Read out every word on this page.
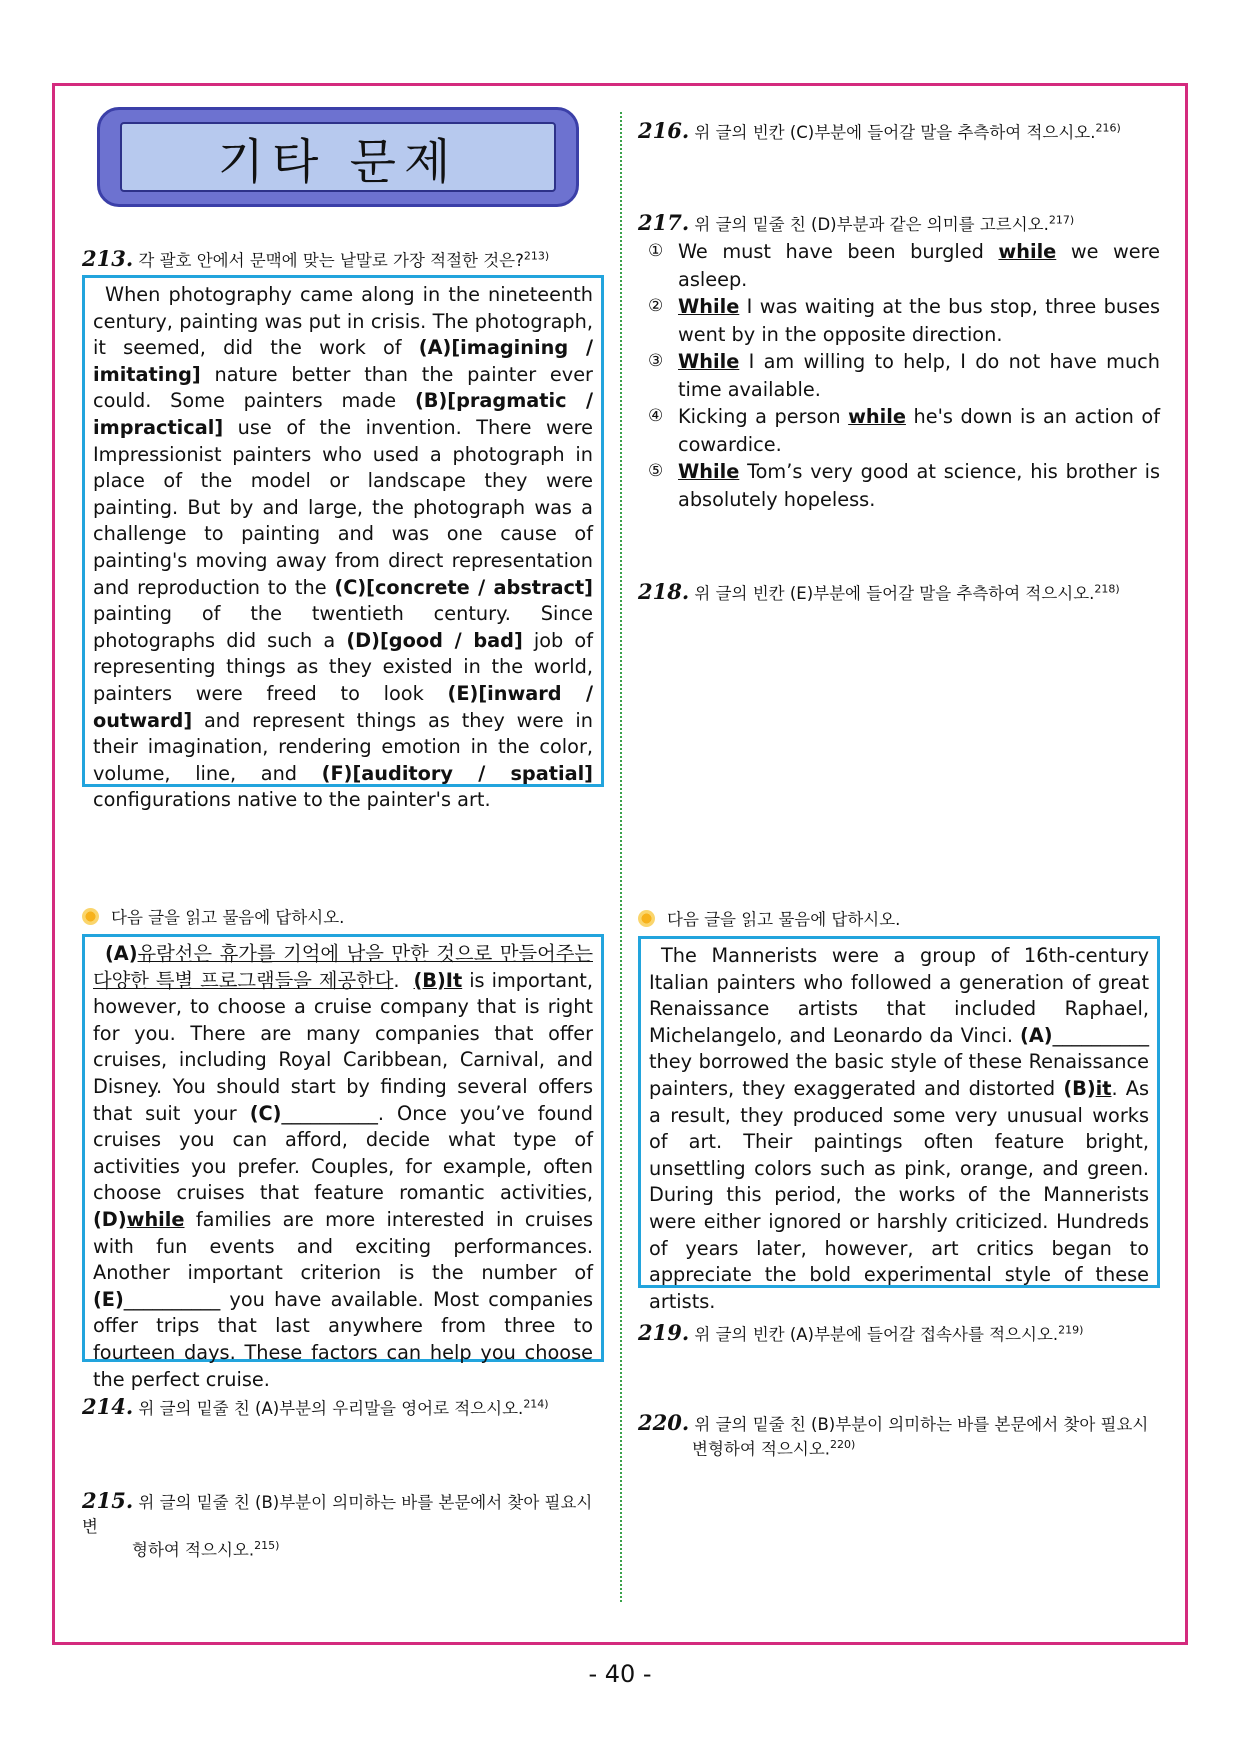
기타 문제
213. 각 괄호 안에서 문맥에 맞는 낱말로 가장 적절한 것은?$^{213)}$
When photography came along in the nineteenth century, painting was put in crisis. The photograph, it seemed, did the work of (A)[imagining / imitating] nature better than the painter ever could. Some painters made (B)[pragmatic / impractical] use of the invention. There were Impressionist painters who used a photograph in place of the model or landscape they were painting. But by and large, the photograph was a challenge to painting and was one cause of painting's moving away from direct representation and reproduction to the (C)[concrete / abstract] painting of the twentieth century. Since photographs did such a (D)[good / bad] job of representing things as they existed in the world, painters were freed to look (E)[inward / outward] and represent things as they were in their imagination, rendering emotion in the color, volume, line, and (F)[auditory / spatial] configurations native to the painter's art.
다음 글을 읽고 물음에 답하시오.
(A)유람선은 휴가를 기억에 남을 만한 것으로 만들어주는 다양한 특별 프로그램들을 제공한다. (B)It is important, however, to choose a cruise company that is right for you. There are many companies that offer cruises, including Royal Caribbean, Carnival, and Disney. You should start by finding several offers that suit your (C)__________. Once you’ve found cruises you can afford, decide what type of activities you prefer. Couples, for example, often choose cruises that feature romantic activities, (D)while families are more interested in cruises with fun events and exciting performances. Another important criterion is the number of (E)__________ you have available. Most companies offer trips that last anywhere from three to fourteen days. These factors can help you choose the perfect cruise.
214. 위 글의 밑줄 친 (A)부분의 우리말을 영어로 적으시오.$^{214)}$
215. 위 글의 밑줄 친 (B)부분이 의미하는 바를 본문에서 찾아 필요시 변
형하여 적으시오.$^{215)}$
216. 위 글의 빈칸 (C)부분에 들어갈 말을 추측하여 적으시오.$^{216)}$
217. 위 글의 밑줄 친 (D)부분과 같은 의미를 고르시오.$^{217)}$
① We must have been burgled while we were asleep.
② While I was waiting at the bus stop, three buses went by in the opposite direction.
③ While I am willing to help, I do not have much time available.
④ Kicking a person while he's down is an action of cowardice.
⑤ While Tom’s very good at science, his brother is absolutely hopeless.
218. 위 글의 빈칸 (E)부분에 들어갈 말을 추측하여 적으시오.$^{218)}$
다음 글을 읽고 물음에 답하시오.
The Mannerists were a group of 16th-century Italian painters who followed a generation of great Renaissance artists that included Raphael, Michelangelo, and Leonardo da Vinci. (A)__________ they borrowed the basic style of these Renaissance painters, they exaggerated and distorted (B)it. As a result, they produced some very unusual works of art. Their paintings often feature bright, unsettling colors such as pink, orange, and green. During this period, the works of the Mannerists were either ignored or harshly criticized. Hundreds of years later, however, art critics began to appreciate the bold experimental style of these artists.
219. 위 글의 빈칸 (A)부분에 들어갈 접속사를 적으시오.$^{219)}$
220. 위 글의 밑줄 친 (B)부분이 의미하는 바를 본문에서 찾아 필요시
변형하여 적으시오.$^{220)}$
- 40 -
